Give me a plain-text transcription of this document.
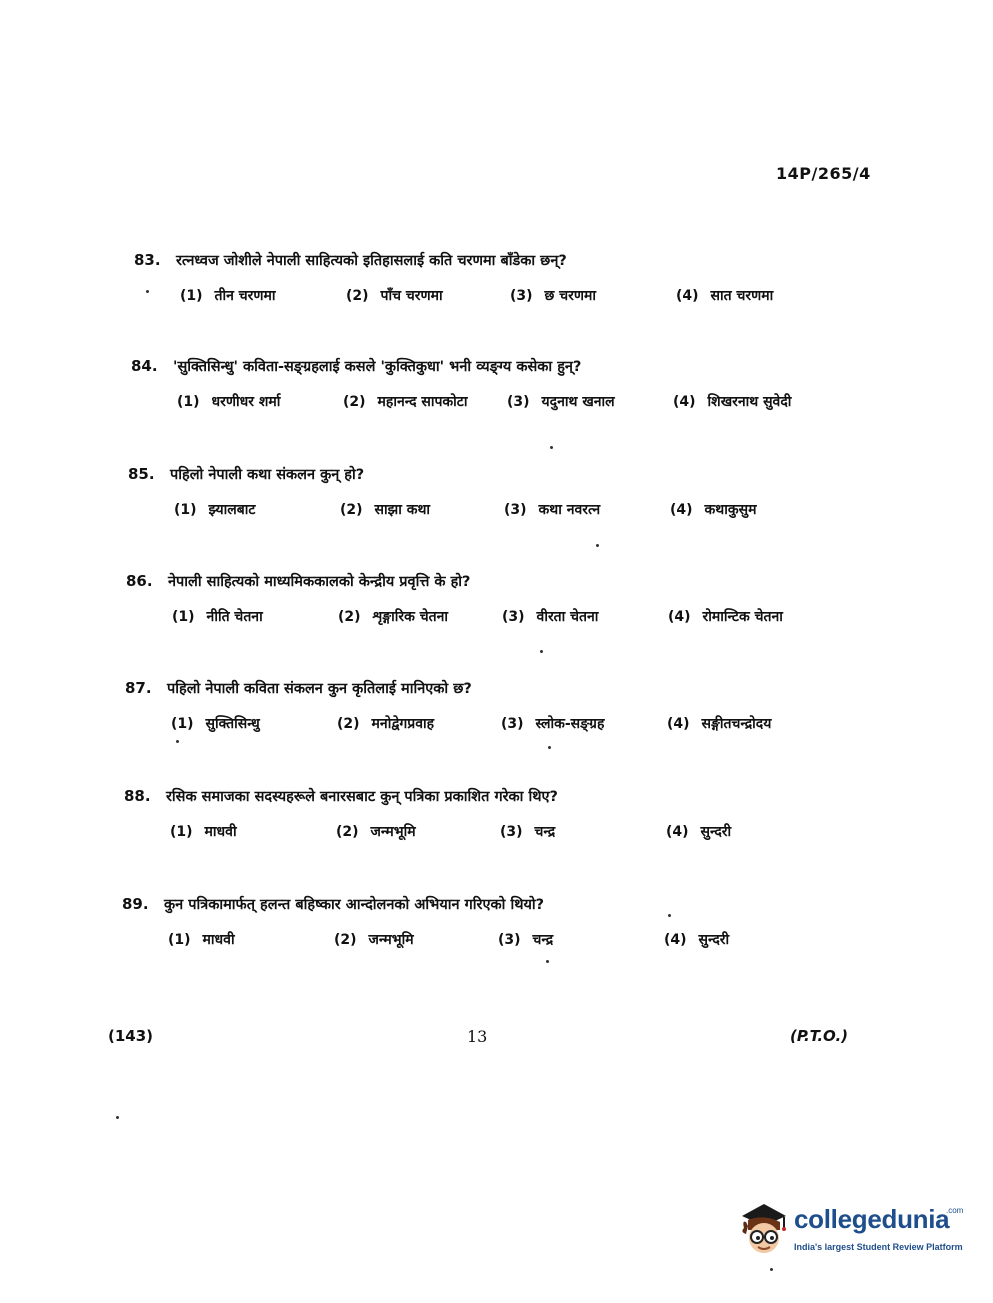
14P/265/4
83.	रत्नध्वज जोशीले नेपाली साहित्यको इतिहासलाई कति चरणमा बाँडेका छन्?
(1) तीन चरणमा	(2) पाँच चरणमा	(3) छ चरणमा	(4) सात चरणमा
84.	'सुक्तिसिन्धु' कविता-सङ्ग्रहलाई कसले 'कुक्तिकुधा' भनी व्यङ्ग्य कसेका हुन्?
(1) धरणीधर शर्मा	(2) महानन्द सापकोटा	(3) यदुनाथ खनाल	(4) शिखरनाथ सुवेदी
85.	पहिलो नेपाली कथा संकलन कुन् हो?
(1) झ्यालबाट	(2) साझा कथा	(3) कथा नवरत्न	(4) कथाकुसुम
86.	नेपाली साहित्यको माध्यमिककालको केन्द्रीय प्रवृत्ति के हो?
(1) नीति चेतना	(2) शृङ्गारिक चेतना	(3) वीरता चेतना	(4) रोमान्टिक चेतना
87.	पहिलो नेपाली कविता संकलन कुन कृतिलाई मानिएको छ?
(1) सुक्तिसिन्धु	(2) मनोद्वेगप्रवाह	(3) स्लोक-सङ्ग्रह	(4) सङ्गीतचन्द्रोदय
88.	रसिक समाजका सदस्यहरूले बनारसबाट कुन् पत्रिका प्रकाशित गरेका थिए?
(1) माधवी	(2) जन्मभूमि	(3) चन्द्र	(4) सुन्दरी
89.	कुन पत्रिकामार्फत् हलन्त बहिष्कार आन्दोलनको अभियान गरिएको थियो?
(1) माधवी	(2) जन्मभूमि	(3) चन्द्र	(4) सुन्दरी
(143)	13	(P.T.O.)
collegedunia
.com
India's largest Student Review Platform
